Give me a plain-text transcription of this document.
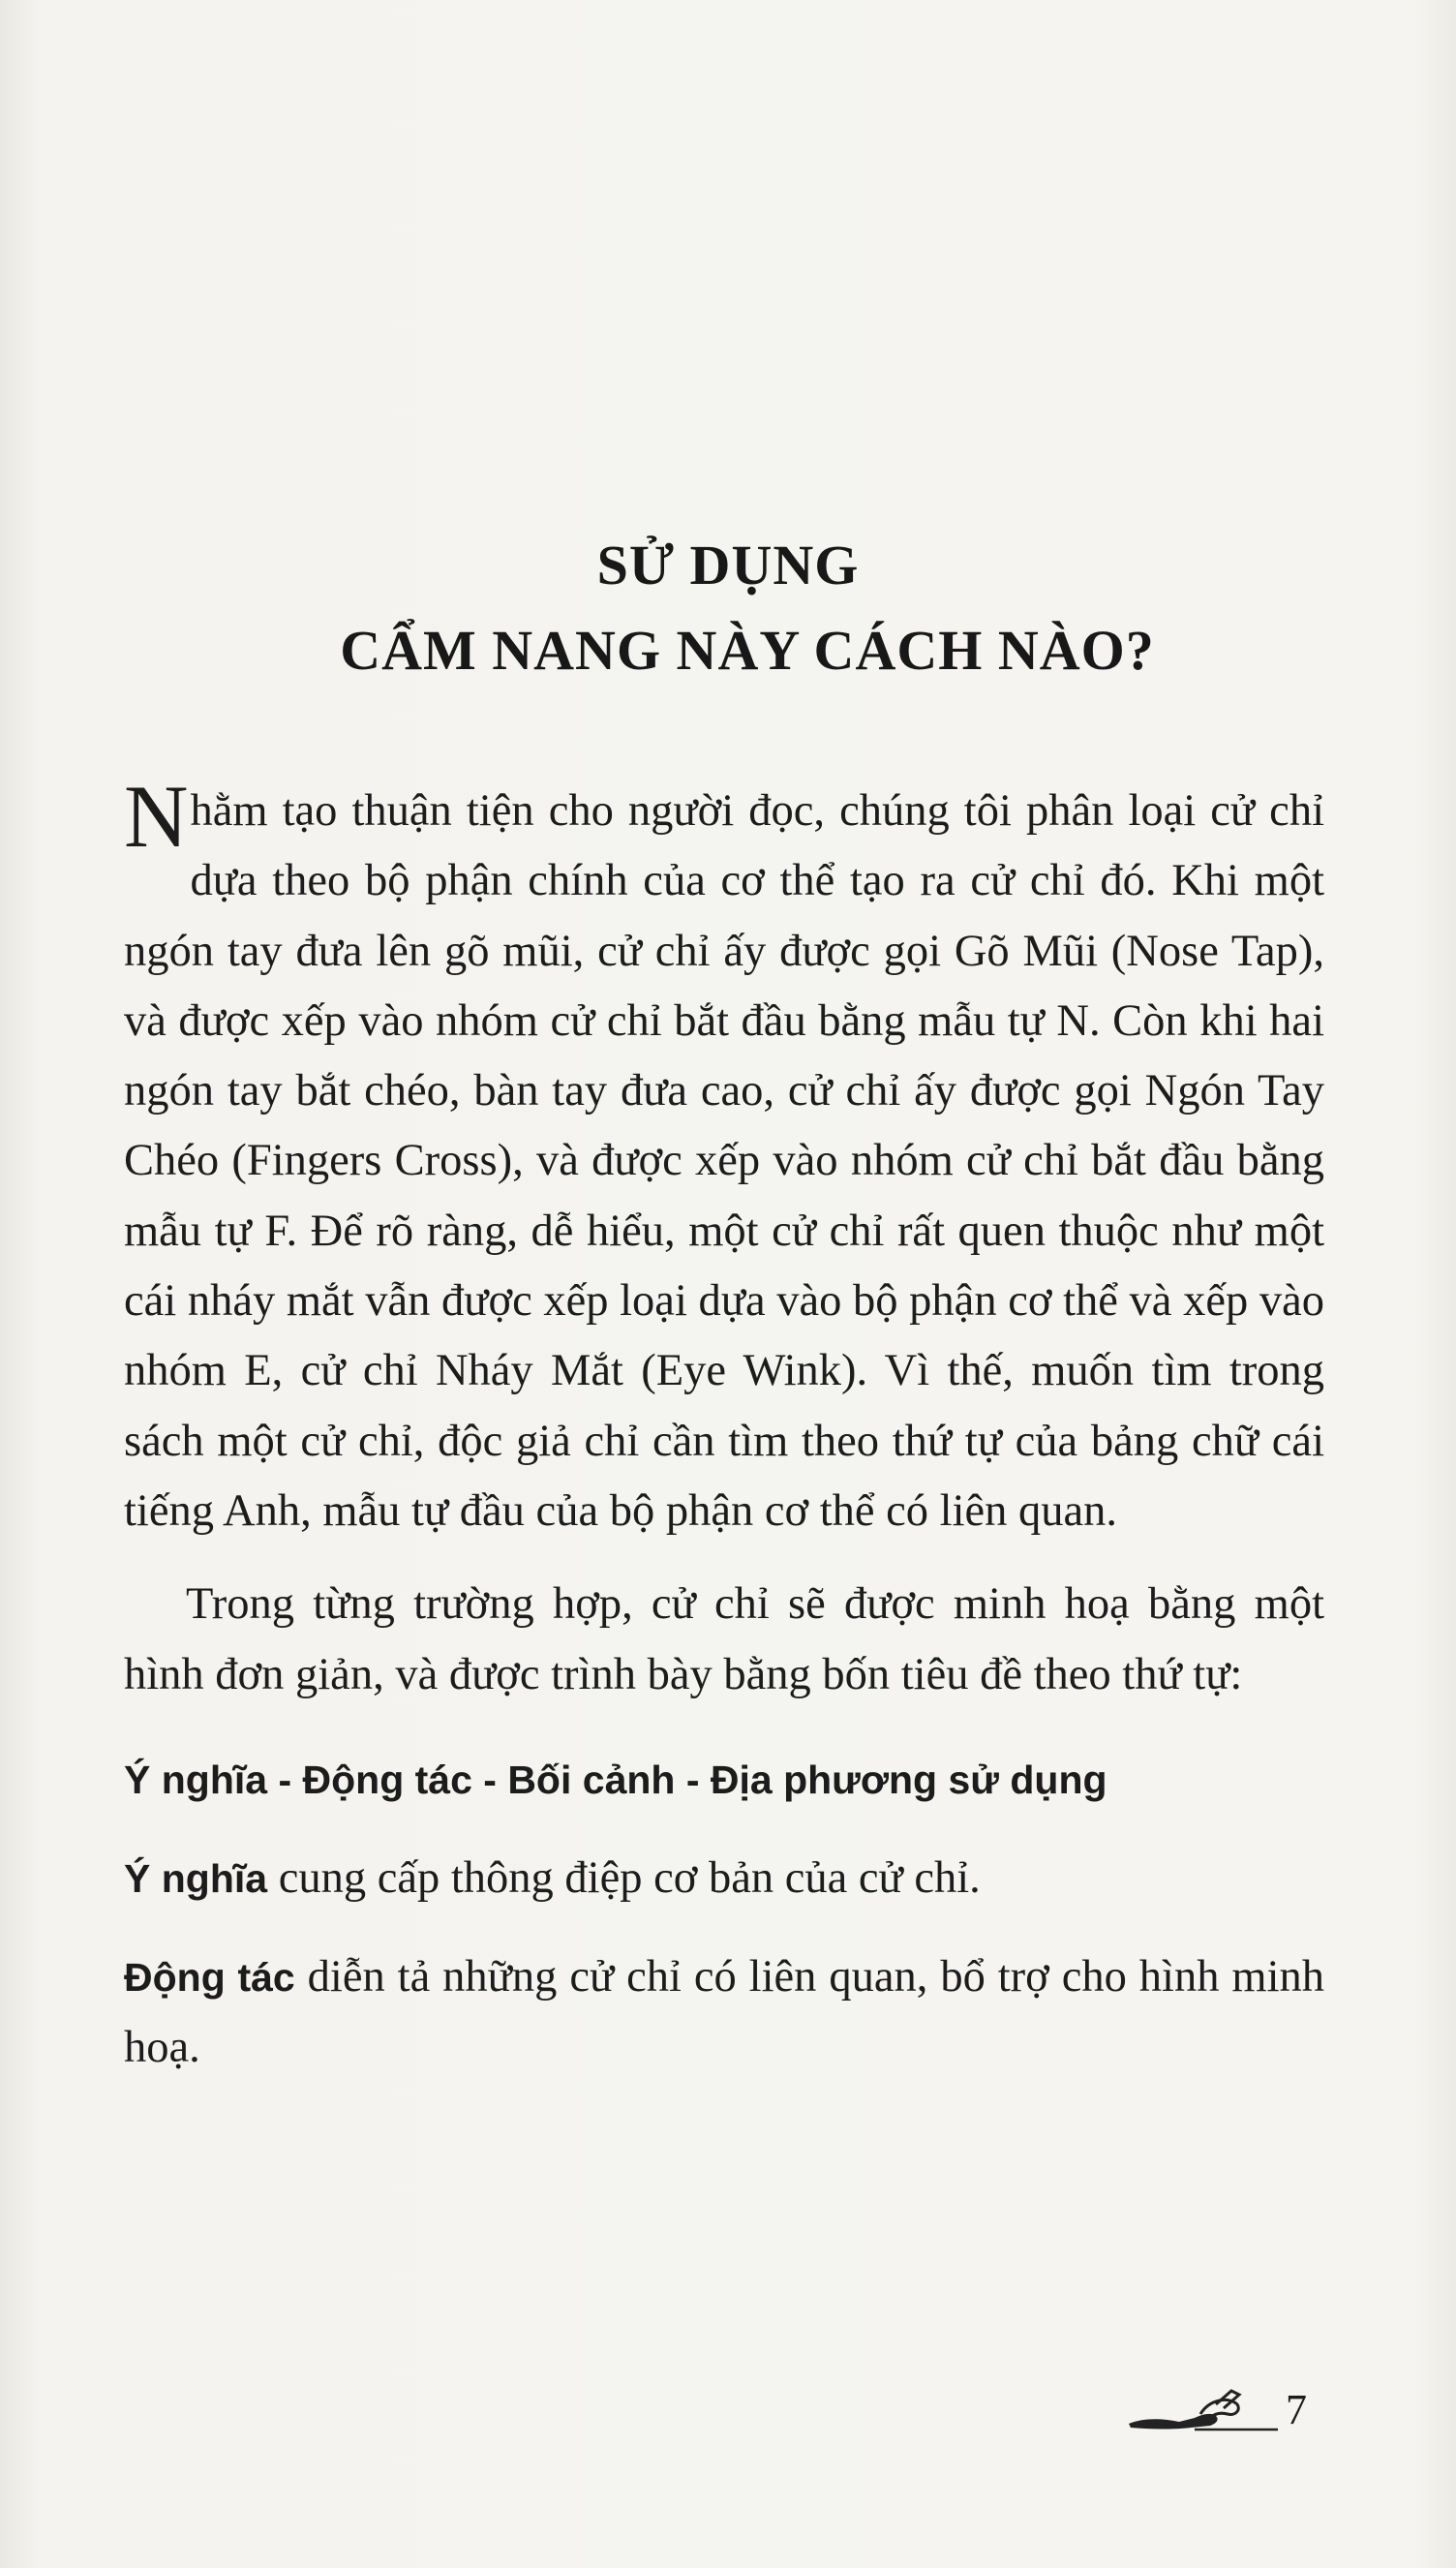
SỬ DỤNG
CẨM NANG NÀY CÁCH NÀO?

Nhằm tạo thuận tiện cho người đọc, chúng tôi phân loại cử chỉ dựa theo bộ phận chính của cơ thể tạo ra cử chỉ đó. Khi một ngón tay đưa lên gõ mũi, cử chỉ ấy được gọi Gõ Mũi (Nose Tap), và được xếp vào nhóm cử chỉ bắt đầu bằng mẫu tự N. Còn khi hai ngón tay bắt chéo, bàn tay đưa cao, cử chỉ ấy được gọi Ngón Tay Chéo (Fingers Cross), và được xếp vào nhóm cử chỉ bắt đầu bằng mẫu tự F. Để rõ ràng, dễ hiểu, một cử chỉ rất quen thuộc như một cái nháy mắt vẫn được xếp loại dựa vào bộ phận cơ thể và xếp vào nhóm E, cử chỉ Nháy Mắt (Eye Wink). Vì thế, muốn tìm trong sách một cử chỉ, độc giả chỉ cần tìm theo thứ tự của bảng chữ cái tiếng Anh, mẫu tự đầu của bộ phận cơ thể có liên quan.

Trong từng trường hợp, cử chỉ sẽ được minh hoạ bằng một hình đơn giản, và được trình bày bằng bốn tiêu đề theo thứ tự:

Ý nghĩa - Động tác - Bối cảnh - Địa phương sử dụng

Ý nghĩa cung cấp thông điệp cơ bản của cử chỉ.

Động tác diễn tả những cử chỉ có liên quan, bổ trợ cho hình minh hoạ.

7
